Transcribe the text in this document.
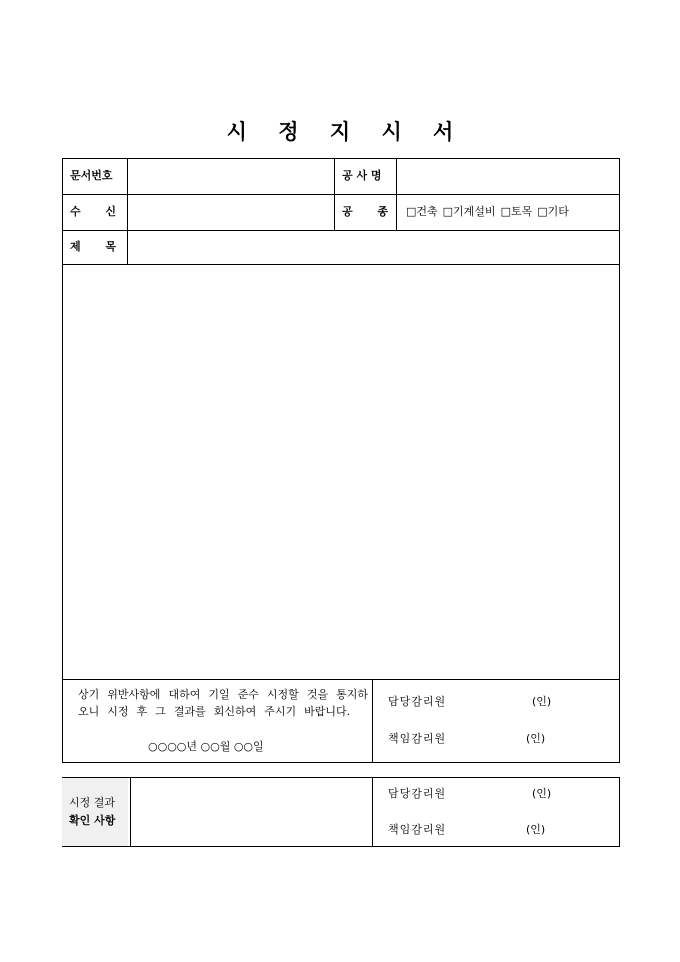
시 정 지 시 서
문서번호	공 사 명
수 신	공 종 □건축 □기계설비 □토목 □기타
제 목
상기 위반사항에 대하여 기일 준수 시정할 것을 통지하
오니 시정 후 그 결과를 회신하여 주시기 바랍니다.
○○○○년 ○○월 ○○일
담당감리원	(인)
책임감리원	(인)
시정 결과
확인 사항
담당감리원	(인)
책임감리원	(인)
